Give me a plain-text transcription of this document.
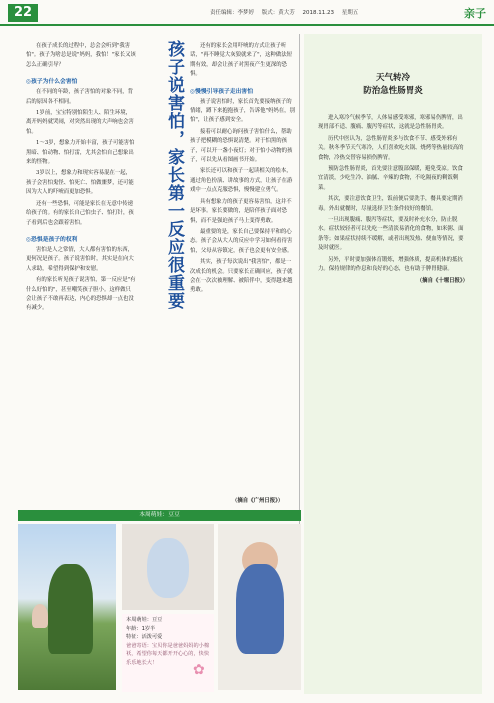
22	责任编辑：李梦婷 版式：黄大芳 2018.11.23 星期五	亲子

在孩子成长的过程中，总会会听到"我害怕"。孩子为啥总是说"妈妈，我怕！"家长又该怎么正确引导？

◎孩子为什么会害怕

在不同的年龄，孩子害怕的对象不同，背后的原因各不相同。

1岁前，宝宝特别怕陌生人、陌生环境，离开妈妈就哭闹，对突然出现的大声响也会害怕。

1～3岁，想象力开始丰富，孩子可能害怕黑暗、怕动物、怕打雷，尤其会怕自己想象出来的怪物。

3岁以上，想象力和现实容易混在一起，孩子会害怕鬼怪、怕死亡、怕做噩梦，还可能因为大人的吓唬而更加恐惧。

还有一些恐惧，可能是家长在无意中传递给孩子的。有的家长自己怕虫子、怕打针，孩子看到后也会跟着害怕。

◎恐惧是孩子的权利

害怕是人之常情，大人都有害怕的东西，更何况是孩子。孩子说害怕时，其实是在向大人求助，希望得到保护和安慰。

有的家长听见孩子说害怕，第一反应是"有什么好怕的"，甚至嘲笑孩子胆小。这样做只会让孩子不敢再表达，内心的恐惧却一点也没有减少。	孩子说害怕，家长第一反应很重要	还有的家长会用吓唬的方式让孩子听话，"再不睡觉大灰狼就来了"，这种做法短期有效，却会让孩子对黑夜产生更深的恐惧。

◎慢慢引导孩子走出害怕

孩子说害怕时，家长首先要接纳孩子的情绪，蹲下来抱抱孩子，告诉他"妈妈在，别怕"，让孩子感到安全。

接着可以耐心询问孩子害怕什么，帮助孩子把模糊的恐惧说清楚。对于怕黑的孩子，可以开一盏小夜灯；对于怕小动物的孩子，可以先从看图画书开始。

家长还可以和孩子一起读相关的绘本，通过角色扮演、讲故事的方式，让孩子在游戏中一点点克服恐惧，慢慢建立勇气。

具有想象力的孩子更容易害怕，这并不是坏事。家长要做的，是陪伴孩子面对恐惧，而不是强迫孩子马上变得勇敢。

最重要的是，家长自己要保持平和的心态。孩子会从大人的反应中学习如何看待害怕，父母从容镇定，孩子也会更有安全感。

其实，孩子每次说出"我害怕"，都是一次成长的机会。只要家长正确回应，孩子就会在一次次被理解、被陪伴中，变得越来越勇敢。

（摘自《广州日报》）
天气转冷
防治急性肠胃炎

进入寒冷气候季节，人体易感受寒邪，寒邪易伤脾胃，出现胃部不适、腹痛、腹泻等症状，这就是急性肠胃炎。

历代中医认为，急性肠胃炎多与饮食不节、感受外邪有关。秋冬季节天气寒冷，人们喜欢吃火锅、烧烤等热量较高的食物，冷热交替容易损伤脾胃。

预防急性肠胃炎，首先要注意腹部保暖，避免受凉。饮食宜清淡，少吃生冷、油腻、辛辣的食物，不吃隔夜的剩饭剩菜。

其次，要注意饮食卫生，饭前便后要洗手，餐具要定期消毒。外出就餐时，尽量选择卫生条件较好的餐馆。

一旦出现腹痛、腹泻等症状，要及时补充水分，防止脱水。症状较轻者可以先吃一些清淡易消化的食物，如米粥、面条等；如果症状持续不缓解，或者出现发热、便血等情况，要及时就医。

另外，平时要加强体育锻炼，增强体质，提高机体的抵抗力。保持规律的作息和良好的心态，也有助于脾胃健康。

（摘自《十堰日报》）
本周萌娃：豆豆
本周萌娃：豆豆
年龄：1岁半
特征：活泼可爱
爸爸寄语：宝贝你是爸爸妈妈的小棉袄，希望你每天都开开心心的，快快乐乐地长大！	✿
